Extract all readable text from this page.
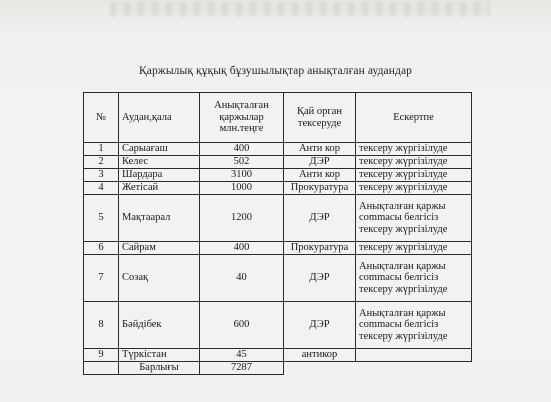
Қаржылық құқық бұзушылықтар анықталған аудандар
№	Аудан,қала	Анықталған қаржылар млн.теңге	Қай орган тексеруде	Ескертпе
1	Сарыағаш	400	Анти кор	тексеру жүргізілуде
2	Келес	502	ДЭР	тексеру жүргізілуде
3	Шардара	3100	Анти кор	тексеру жүргізілуде
4	Жетісай	1000	Прокуратура	тексеру жүргізілуде
5	Мақтаарал	1200	ДЭР	Анықталған қаржы сommaсы белгісіз тексеру жүргізілуде
6	Сайрам	400	Прокуратура	тексеру жүргізілуде
7	Созақ	40	ДЭР	Анықталған қаржы сommaсы белгісіз тексеру жүргізілуде
8	Бәйдібек	600	ДЭР	Анықталған қаржы сommaсы белгісіз тексеру жүргізілуде
9	Түркістан	45	антикор	
	Барлығы	7287		
